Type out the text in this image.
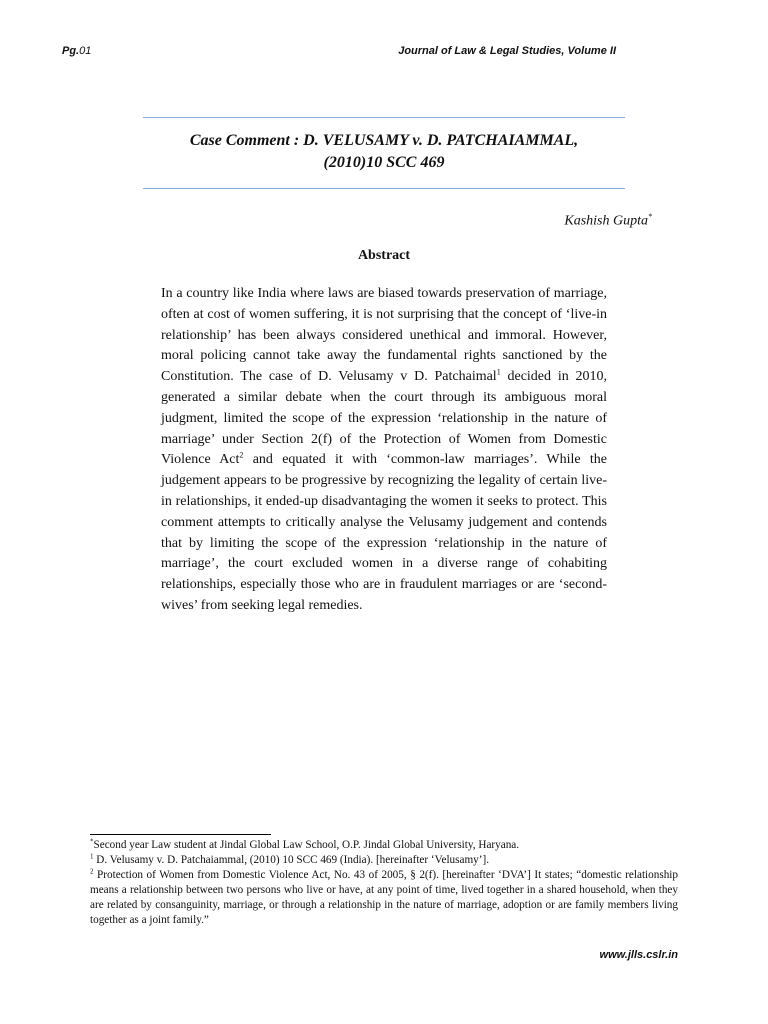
Pg.01	Journal of Law & Legal Studies, Volume II
Case Comment : D. VELUSAMY v. D. PATCHAIAMMAL,
(2010)10 SCC 469
Kashish Gupta*
Abstract
In a country like India where laws are biased towards preservation of marriage, often at cost of women suffering, it is not surprising that the concept of ‘live-in relationship’ has been always considered unethical and immoral. However, moral policing cannot take away the fundamental rights sanctioned by the Constitution. The case of D. Velusamy v D. Patchaimal$^1$ decided in 2010, generated a similar debate when the court through its ambiguous moral judgment, limited the scope of the expression ‘relationship in the nature of marriage’ under Section 2(f) of the Protection of Women from Domestic Violence Act$^2$ and equated it with ‘common-law marriages’. While the judgement appears to be progressive by recognizing the legality of certain live-in relationships, it ended-up disadvantaging the women it seeks to protect. This comment attempts to critically analyse the Velusamy judgement and contends that by limiting the scope of the expression ‘relationship in the nature of marriage’, the court excluded women in a diverse range of cohabiting relationships, especially those who are in fraudulent marriages or are ‘second-wives’ from seeking legal remedies.

*Second year Law student at Jindal Global Law School, O.P. Jindal Global University, Haryana.

$^1$ D. Velusamy v. D. Patchaiammal, (2010) 10 SCC 469 (India). [hereinafter ‘Velusamy’].

$^2$ Protection of Women from Domestic Violence Act, No. 43 of 2005, § 2(f). [hereinafter ‘DVA’] It states; “domestic relationship means a relationship between two persons who live or have, at any point of time, lived together in a shared household, when they are related by consanguinity, marriage, or through a relationship in the nature of marriage, adoption or are family members living together as a joint family.”

www.jlls.cslr.in
